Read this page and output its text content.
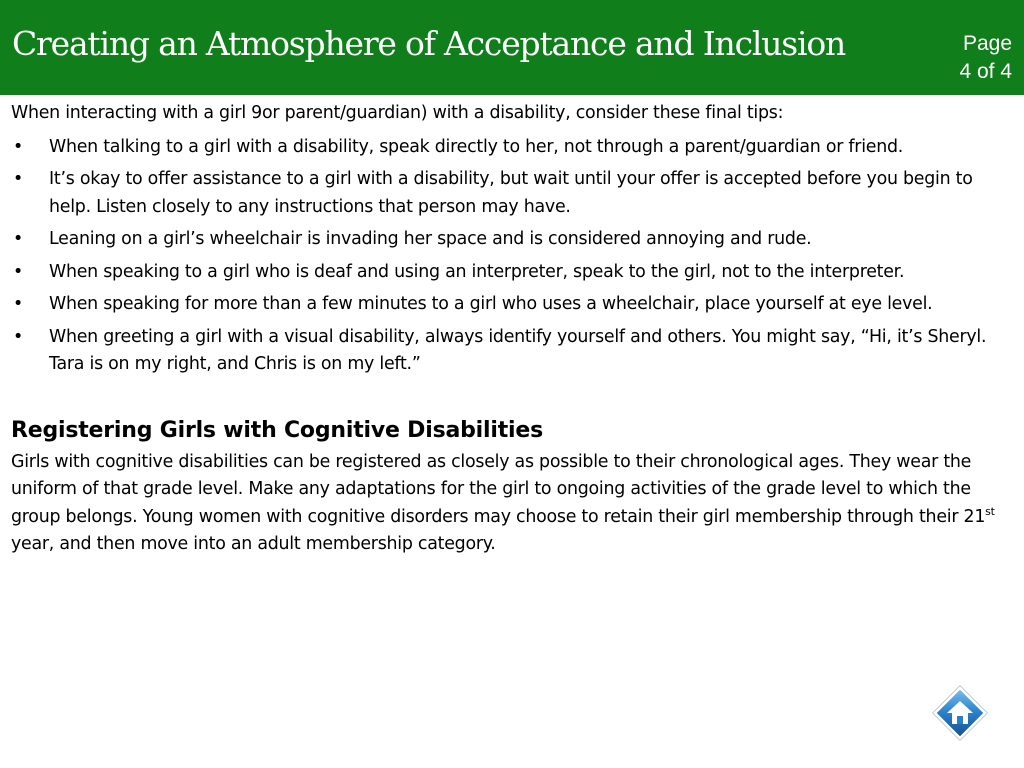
Creating an Atmosphere of Acceptance and Inclusion	Page
4 of 4

When interacting with a girl 9or parent/guardian) with a disability, consider these final tips:

• When talking to a girl with a disability, speak directly to her, not through a parent/guardian or friend.
• It’s okay to offer assistance to a girl with a disability, but wait until your offer is accepted before you begin to help. Listen closely to any instructions that person may have.
• Leaning on a girl’s wheelchair is invading her space and is considered annoying and rude.
• When speaking to a girl who is deaf and using an interpreter, speak to the girl, not to the interpreter.
• When speaking for more than a few minutes to a girl who uses a wheelchair, place yourself at eye level.
• When greeting a girl with a visual disability, always identify yourself and others. You might say, “Hi, it’s Sheryl. Tara is on my right, and Chris is on my left.”
Registering Girls with Cognitive Disabilities

Girls with cognitive disabilities can be registered as closely as possible to their chronological ages. They wear the uniform of that grade level. Make any adaptations for the girl to ongoing activities of the grade level to which the group belongs. Young women with cognitive disorders may choose to retain their girl membership through their 21st year, and then move into an adult membership category.
